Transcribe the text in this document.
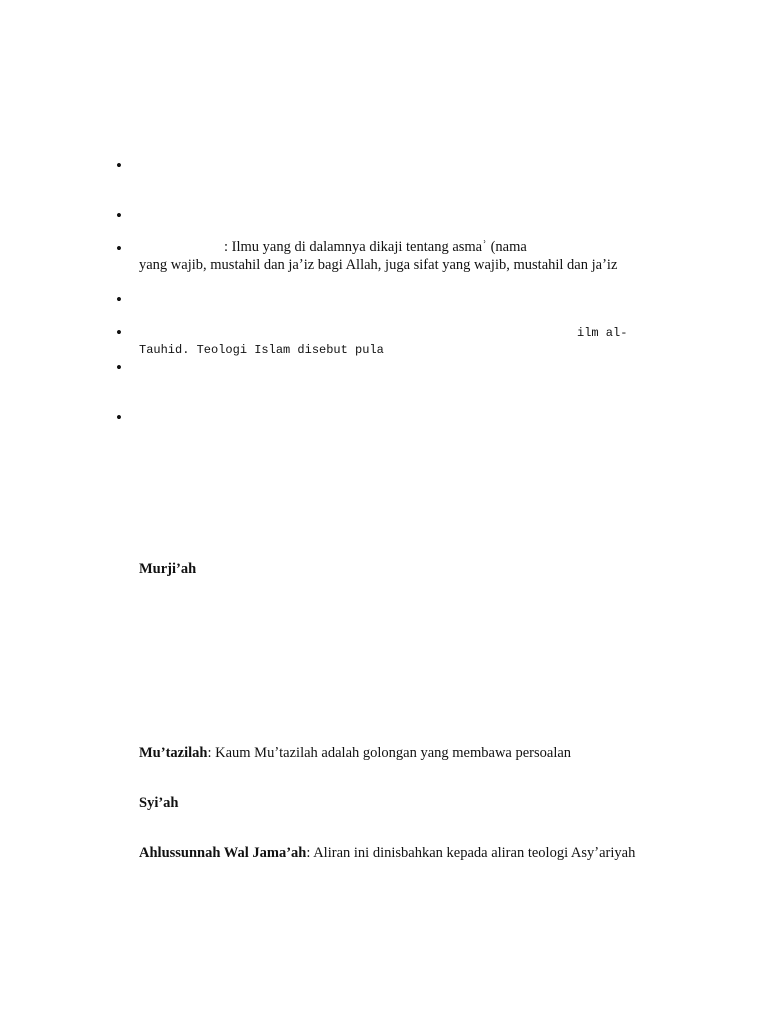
•
•
•
•
•
•
•
: Ilmu yang di dalamnya dikaji tentang asmaʾ (nama
yang wajib, mustahil dan jaʼiz bagi Allah, juga sifat yang wajib, mustahil dan jaʼiz
ilm al-
Tauhid. Teologi Islam disebut pula
Murji’ah
Mu’tazilah: Kaum Muʼtazilah adalah golongan yang membawa persoalan
Syi’ah
Ahlussunnah Wal Jama’ah: Aliran ini dinisbahkan kepada aliran teologi Asyʼariyah
